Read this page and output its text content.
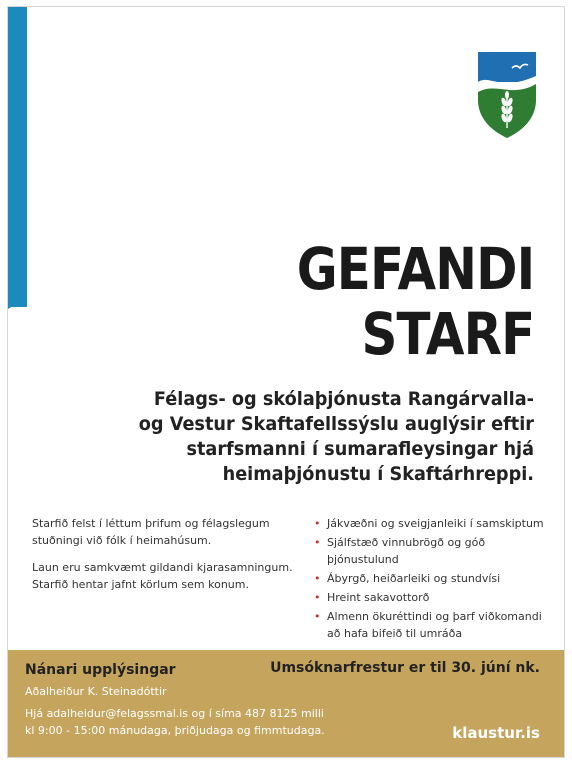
GEFANDI
STARF
Félags- og skólaþjónusta Rangárvalla-
og Vestur Skaftafellssýslu auglýsir eftir
starfsmanni í sumarafleysingar hjá
heimaþjónustu í Skaftárhreppi.

Starfið felst í léttum þrifum og félagslegum
stuðningi við fólk í heimahúsum.

Laun eru samkvæmt gildandi kjarasamningum.
Starfið hentar jafnt körlum sem konum.

• Jákvæðni og sveigjanleiki í samskiptum
• Sjálfstæð vinnubrögð og góð
þjónustulund
• Ábyrgð, heiðarleiki og stundvísi
• Hreint sakavottorð
• Almenn ökuréttindi og þarf viðkomandi
að hafa bifeið til umráða
Nánari upplýsingar	Umsóknarfrestur er til 30. júní nk.
Aðalheiður K. Steinadóttir
Hjá adalheidur@felagssmal.is og í síma 487 8125 milli
kl 9:00 - 15:00 mánudaga, þriðjudaga og fimmtudaga.	klaustur.is
